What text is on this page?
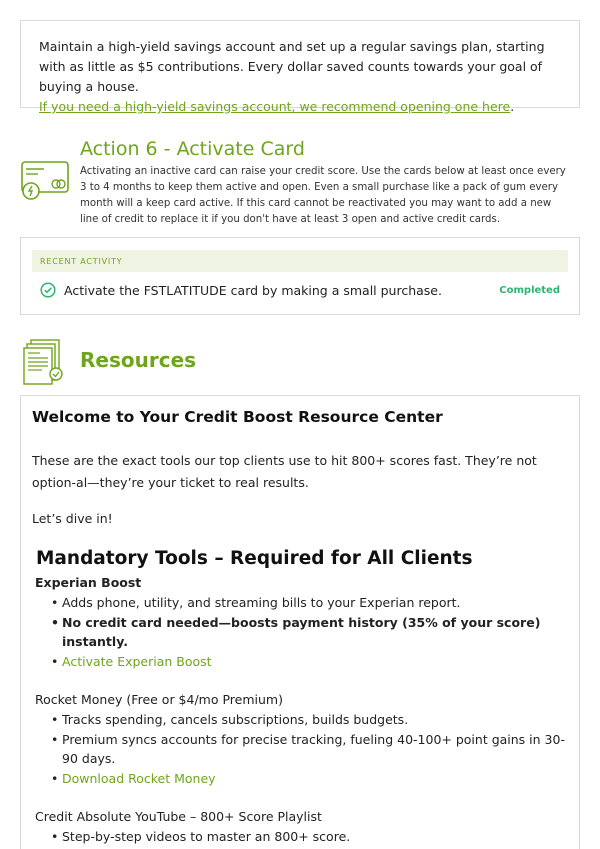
Maintain a high-yield savings account and set up a regular savings plan, starting with as little as $5 contributions. Every dollar saved counts towards your goal of buying a house.

If you need a high-yield savings account, we recommend opening one here.

Action 6 - Activate Card

Activating an inactive card can raise your credit score. Use the cards below at least once every 3 to 4 months to keep them active and open. Even a small purchase like a pack of gum every month will a keep card active. If this card cannot be reactivated you may want to add a new line of credit to replace it if you don't have at least 3 open and active credit cards.

RECENT ACTIVITY
Activate the FSTLATITUDE card by making a small purchase.	Completed
Resources
Welcome to Your Credit Boost Resource Center

These are the exact tools our top clients use to hit 800+ scores fast. They’re not option-al—they’re your ticket to real results.

Let’s dive in!

Mandatory Tools – Required for All Clients
Experian Boost
• Adds phone, utility, and streaming bills to your Experian report.
• No credit card needed—boosts payment history (35% of your score) instantly.
• Activate Experian Boost
Rocket Money (Free or $4/mo Premium)
• Tracks spending, cancels subscriptions, builds budgets.
• Premium syncs accounts for precise tracking, fueling 40-100+ point gains in 30-90 days.
• Download Rocket Money
Credit Absolute YouTube – 800+ Score Playlist
• Step-by-step videos to master an 800+ score.
